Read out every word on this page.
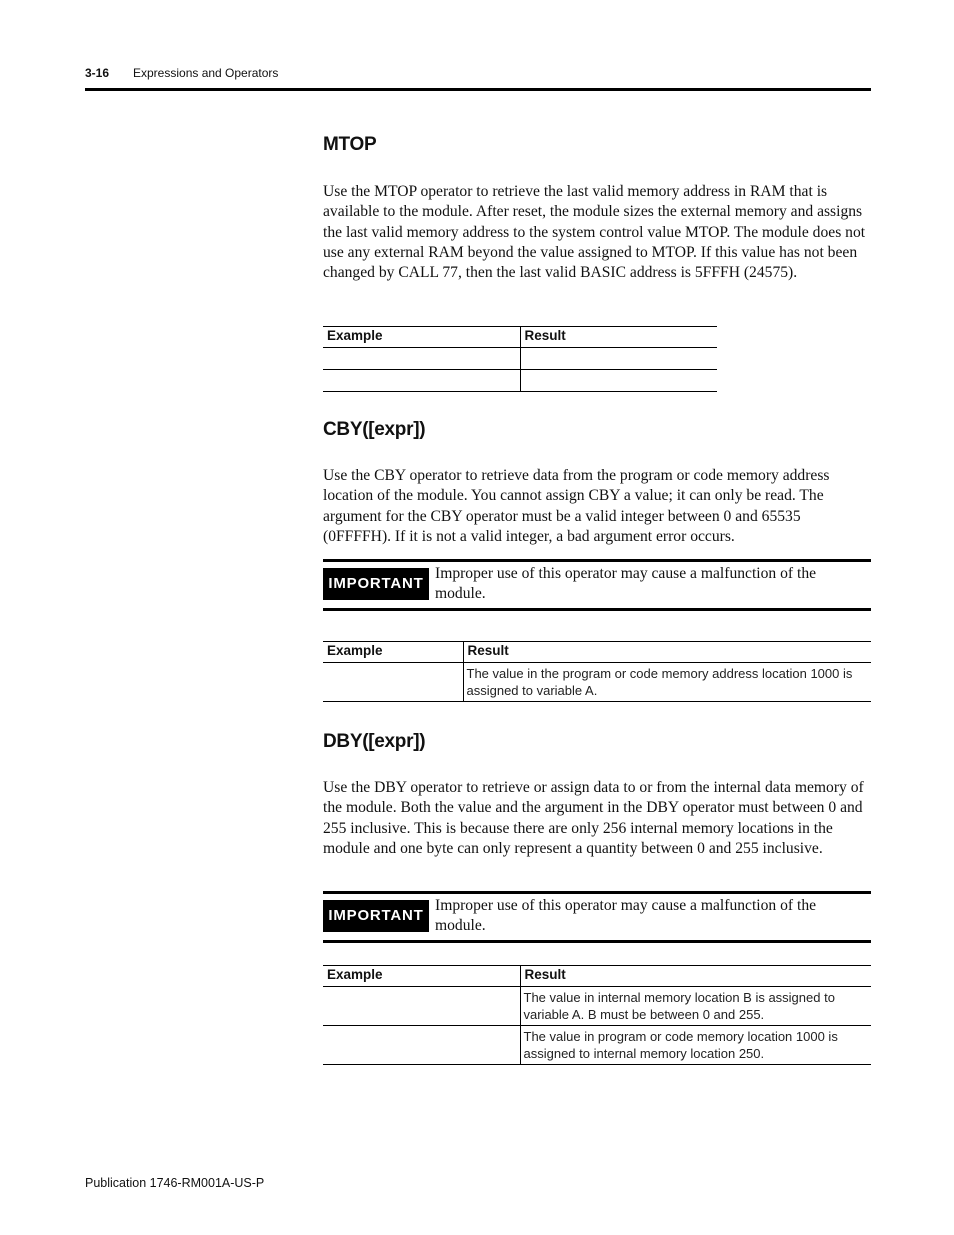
3-16 Expressions and Operators
MTOP
Use the MTOP operator to retrieve the last valid memory address in RAM that is available to the module. After reset, the module sizes the external memory and assigns the last valid memory address to the system control value MTOP. The module does not use any external RAM beyond the value assigned to MTOP. If this value has not been changed by CALL 77, then the last valid BASIC address is 5FFFH (24575).
Example	Result

CBY([expr])
Use the CBY operator to retrieve data from the program or code memory address location of the module. You cannot assign CBY a value; it can only be read. The argument for the CBY operator must be a valid integer between 0 and 65535 (0FFFFH). If it is not a valid integer, a bad argument error occurs.
IMPORTANT
Improper use of this operator may cause a malfunction of the module.
Example	Result
	The value in the program or code memory address location 1000 is assigned to variable A.
DBY([expr])
Use the DBY operator to retrieve or assign data to or from the internal data memory of the module. Both the value and the argument in the DBY operator must between 0 and 255 inclusive. This is because there are only 256 internal memory locations in the module and one byte can only represent a quantity between 0 and 255 inclusive.
IMPORTANT
Improper use of this operator may cause a malfunction of the module.
Example	Result
	The value in internal memory location B is assigned to variable A. B must be between 0 and 255.
	The value in program or code memory location 1000 is assigned to internal memory location 250.
Publication 1746-RM001A-US-P
